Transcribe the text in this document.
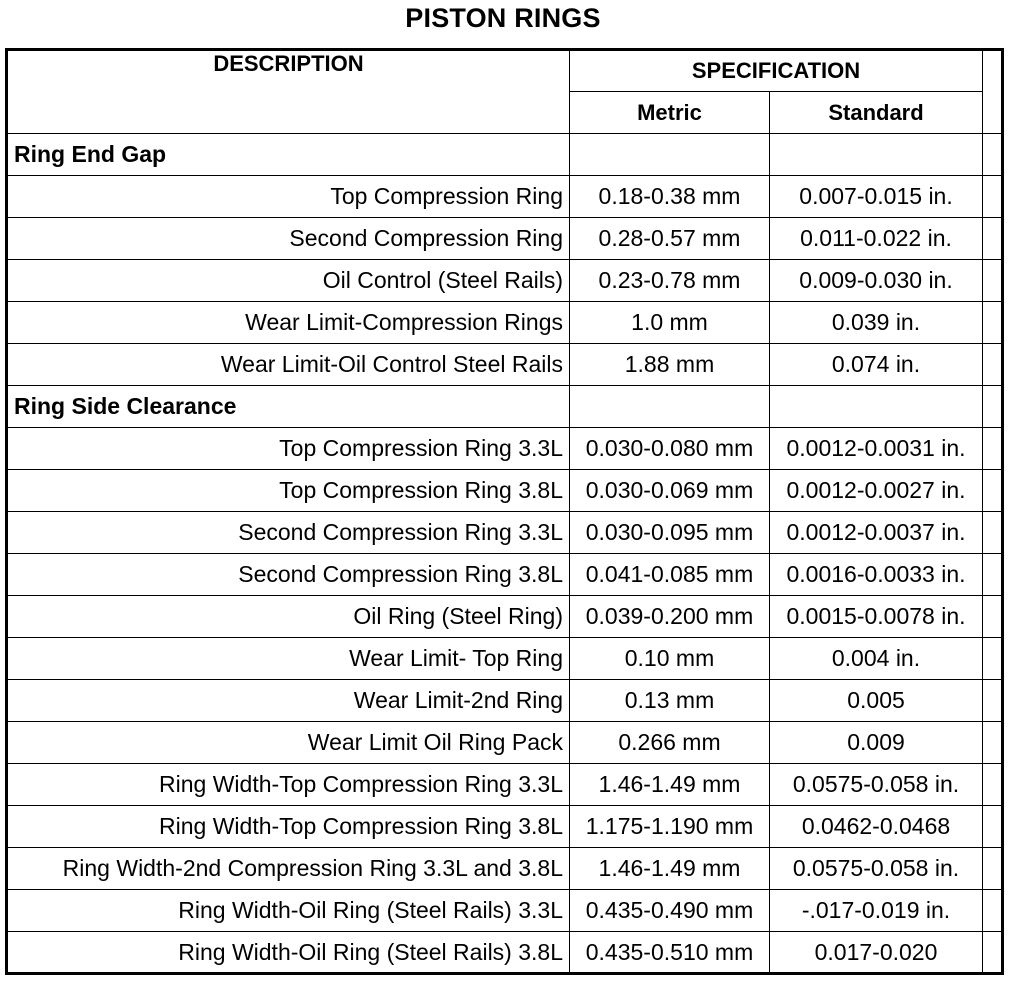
PISTON RINGS
DESCRIPTION	SPECIFICATION		
	Metric	Standard	
Ring End Gap			
Top Compression Ring	0.18-0.38 mm	0.007-0.015 in.	
Second Compression Ring	0.28-0.57 mm	0.011-0.022 in.	
Oil Control (Steel Rails)	0.23-0.78 mm	0.009-0.030 in.	
Wear Limit-Compression Rings	1.0 mm	0.039 in.	
Wear Limit-Oil Control Steel Rails	1.88 mm	0.074 in.	
Ring Side Clearance			
Top Compression Ring 3.3L	0.030-0.080 mm	0.0012-0.0031 in.	
Top Compression Ring 3.8L	0.030-0.069 mm	0.0012-0.0027 in.	
Second Compression Ring 3.3L	0.030-0.095 mm	0.0012-0.0037 in.	
Second Compression Ring 3.8L	0.041-0.085 mm	0.0016-0.0033 in.	
Oil Ring (Steel Ring)	0.039-0.200 mm	0.0015-0.0078 in.	
Wear Limit- Top Ring	0.10 mm	0.004 in.	
Wear Limit-2nd Ring	0.13 mm	0.005	
Wear Limit Oil Ring Pack	0.266 mm	0.009	
Ring Width-Top Compression Ring 3.3L	1.46-1.49 mm	0.0575-0.058 in.	
Ring Width-Top Compression Ring 3.8L	1.175-1.190 mm	0.0462-0.0468	
Ring Width-2nd Compression Ring 3.3L and 3.8L	1.46-1.49 mm	0.0575-0.058 in.	
Ring Width-Oil Ring (Steel Rails) 3.3L	0.435-0.490 mm	-.017-0.019 in.	
Ring Width-Oil Ring (Steel Rails) 3.8L	0.435-0.510 mm	0.017-0.020	
